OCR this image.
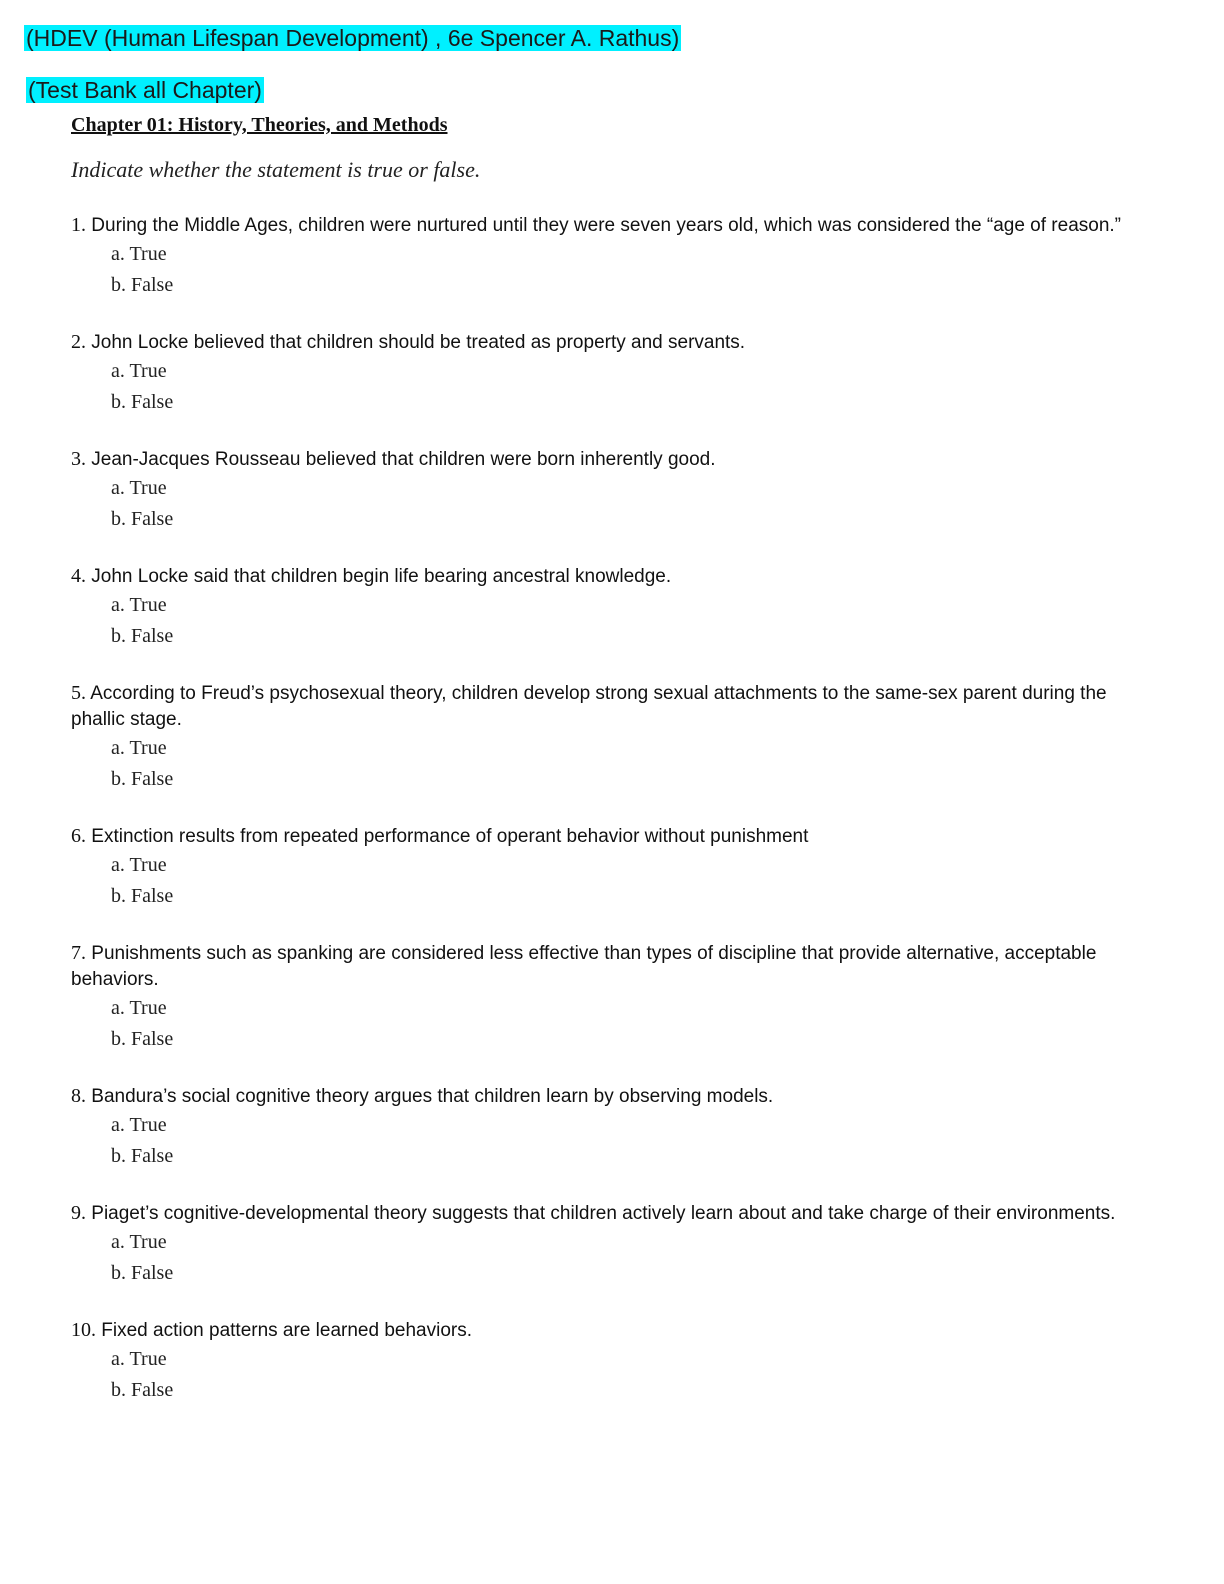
(HDEV (Human Lifespan Development) , 6e Spencer A. Rathus)
(Test Bank all Chapter)
Chapter 01: History, Theories, and Methods
Indicate whether the statement is true or false.
1. During the Middle Ages, children were nurtured until they were seven years old, which was considered the “age of reason.”
a. True
b. False
2. John Locke believed that children should be treated as property and servants.
a. True
b. False
3. Jean-Jacques Rousseau believed that children were born inherently good.
a. True
b. False
4. John Locke said that children begin life bearing ancestral knowledge.
a. True
b. False
5. According to Freud’s psychosexual theory, children develop strong sexual attachments to the same-sex parent during the phallic stage.
a. True
b. False
6. Extinction results from repeated performance of operant behavior without punishment
a. True
b. False
7. Punishments such as spanking are considered less effective than types of discipline that provide alternative, acceptable behaviors.
a. True
b. False
8. Bandura’s social cognitive theory argues that children learn by observing models.
a. True
b. False
9. Piaget’s cognitive-developmental theory suggests that children actively learn about and take charge of their environments.
a. True
b. False
10. Fixed action patterns are learned behaviors.
a. True
b. False
